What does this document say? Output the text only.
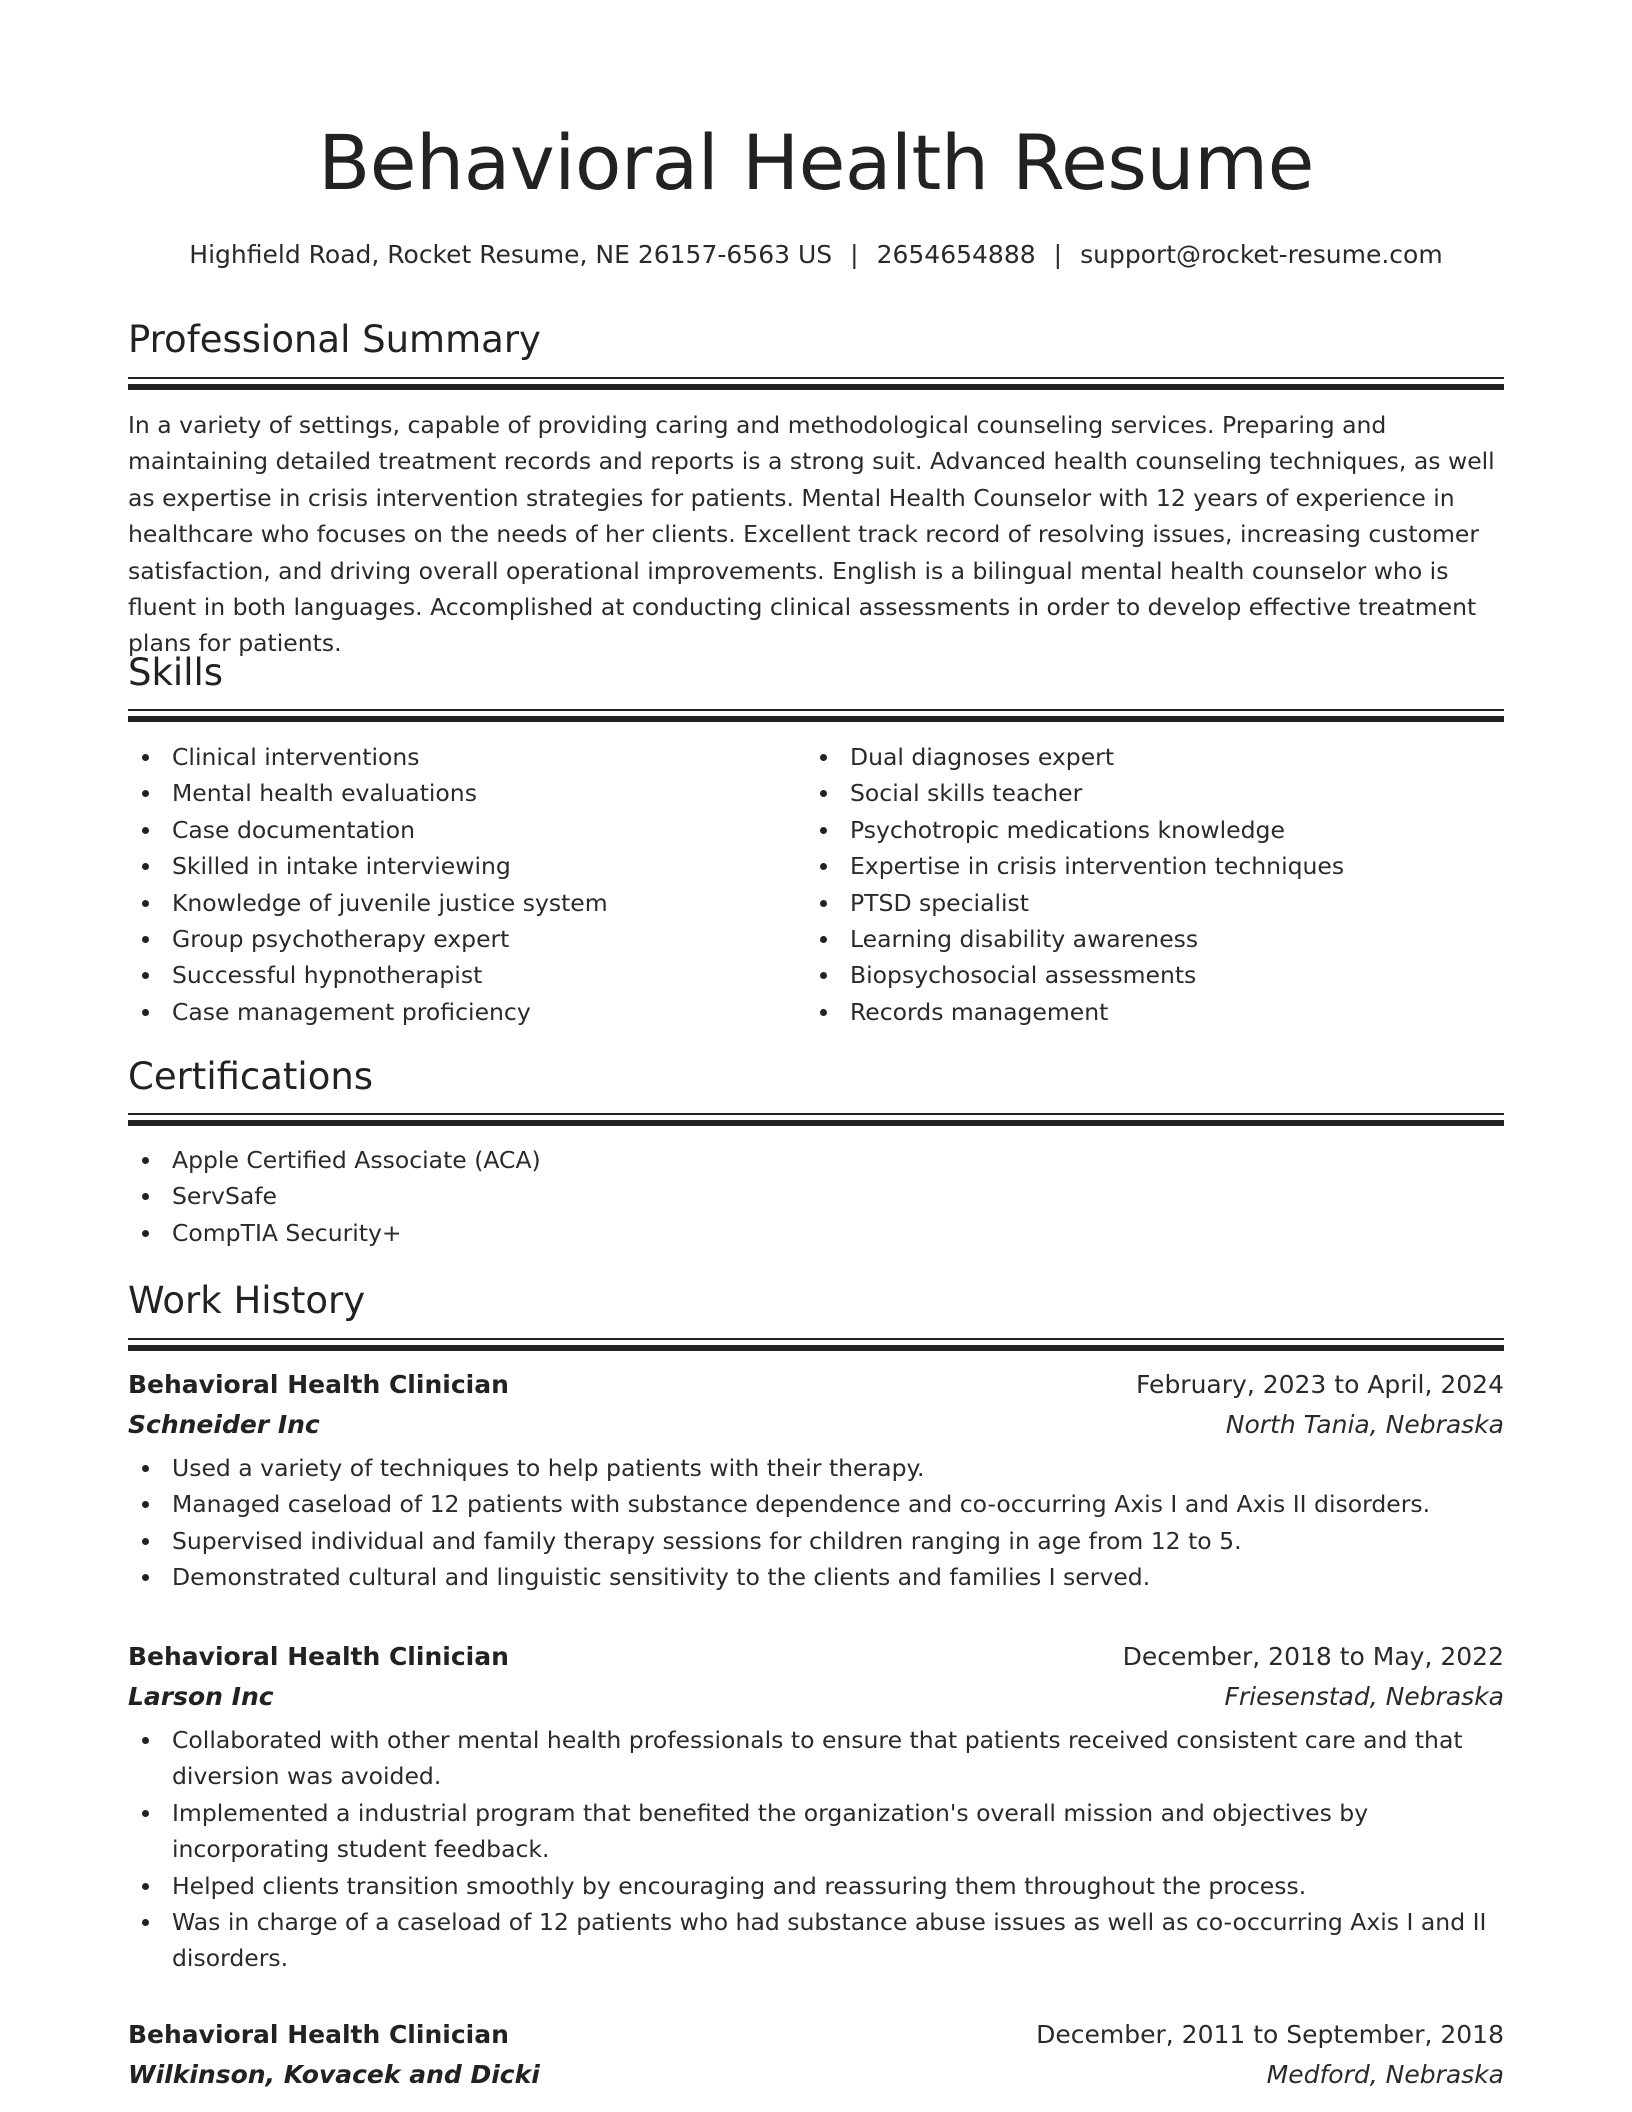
Behavioral Health Resume
Highfield Road, Rocket Resume, NE 26157-6563 US | 2654654888 | support@rocket-resume.com
Professional Summary

In a variety of settings, capable of providing caring and methodological counseling services. Preparing and maintaining detailed treatment records and reports is a strong suit. Advanced health counseling techniques, as well as expertise in crisis intervention strategies for patients. Mental Health Counselor with 12 years of experience in healthcare who focuses on the needs of her clients. Excellent track record of resolving issues, increasing customer satisfaction, and driving overall operational improvements. English is a bilingual mental health counselor who is fluent in both languages. Accomplished at conducting clinical assessments in order to develop effective treatment plans for patients.

Skills
Clinical interventions
Mental health evaluations
Case documentation
Skilled in intake interviewing
Knowledge of juvenile justice system
Group psychotherapy expert
Successful hypnotherapist
Case management proficiency
Dual diagnoses expert
Social skills teacher
Psychotropic medications knowledge
Expertise in crisis intervention techniques
PTSD specialist
Learning disability awareness
Biopsychosocial assessments
Records management
Certifications
Apple Certified Associate (ACA)
ServSafe
CompTIA Security+
Work History
Behavioral Health Clinician	February, 2023 to April, 2024
Schneider Inc	North Tania, Nebraska
Used a variety of techniques to help patients with their therapy.
Managed caseload of 12 patients with substance dependence and co-occurring Axis I and Axis II disorders.
Supervised individual and family therapy sessions for children ranging in age from 12 to 5.
Demonstrated cultural and linguistic sensitivity to the clients and families I served.
Behavioral Health Clinician	December, 2018 to May, 2022
Larson Inc	Friesenstad, Nebraska
Collaborated with other mental health professionals to ensure that patients received consistent care and that diversion was avoided.
Implemented a industrial program that benefited the organization's overall mission and objectives by incorporating student feedback.
Helped clients transition smoothly by encouraging and reassuring them throughout the process.
Was in charge of a caseload of 12 patients who had substance abuse issues as well as co-occurring Axis I and II disorders.
Behavioral Health Clinician	December, 2011 to September, 2018
Wilkinson, Kovacek and Dicki	Medford, Nebraska
